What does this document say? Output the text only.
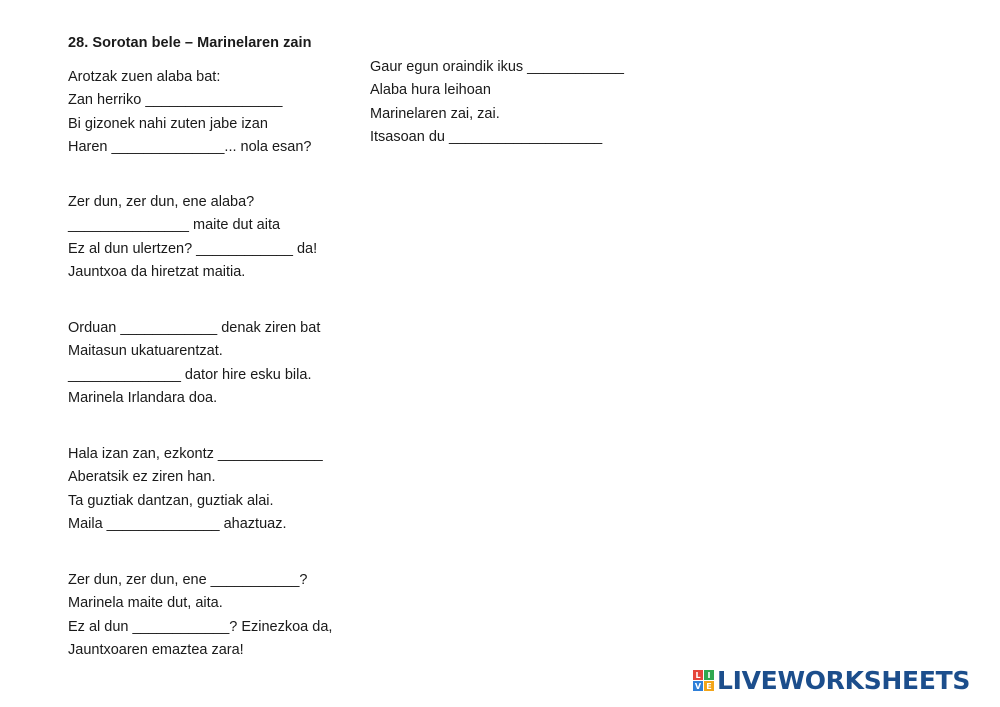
28. Sorotan bele – Marinelaren zain
Arotzak zuen alaba bat:
Zan herriko _________________
Bi gizonek nahi zuten jabe izan
Haren ______________... nola esan?
Zer dun, zer dun, ene alaba?
_______________ maite dut aita
Ez al dun ulertzen? ____________ da!
Jauntxoa da hiretzat maitia.
Orduan ____________ denak ziren bat
Maitasun ukatuarentzat.
______________ dator hire esku bila.
Marinela Irlandara doa.
Hala izan zan, ezkontz _____________
Aberatsik ez ziren han.
Ta guztiak dantzan, guztiak alai.
Maila ______________ ahaztuaz.
Zer dun, zer dun, ene ___________?
Marinela maite dut, aita.
Ez al dun ____________? Ezinezkoa da,
Jauntxoaren emaztea zara!
Gaur egun oraindik ikus ____________
Alaba hura leihoan
Marinelaren zai, zai.
Itsasoan du ___________________
L I
V E LIVEWORKSHEETS
